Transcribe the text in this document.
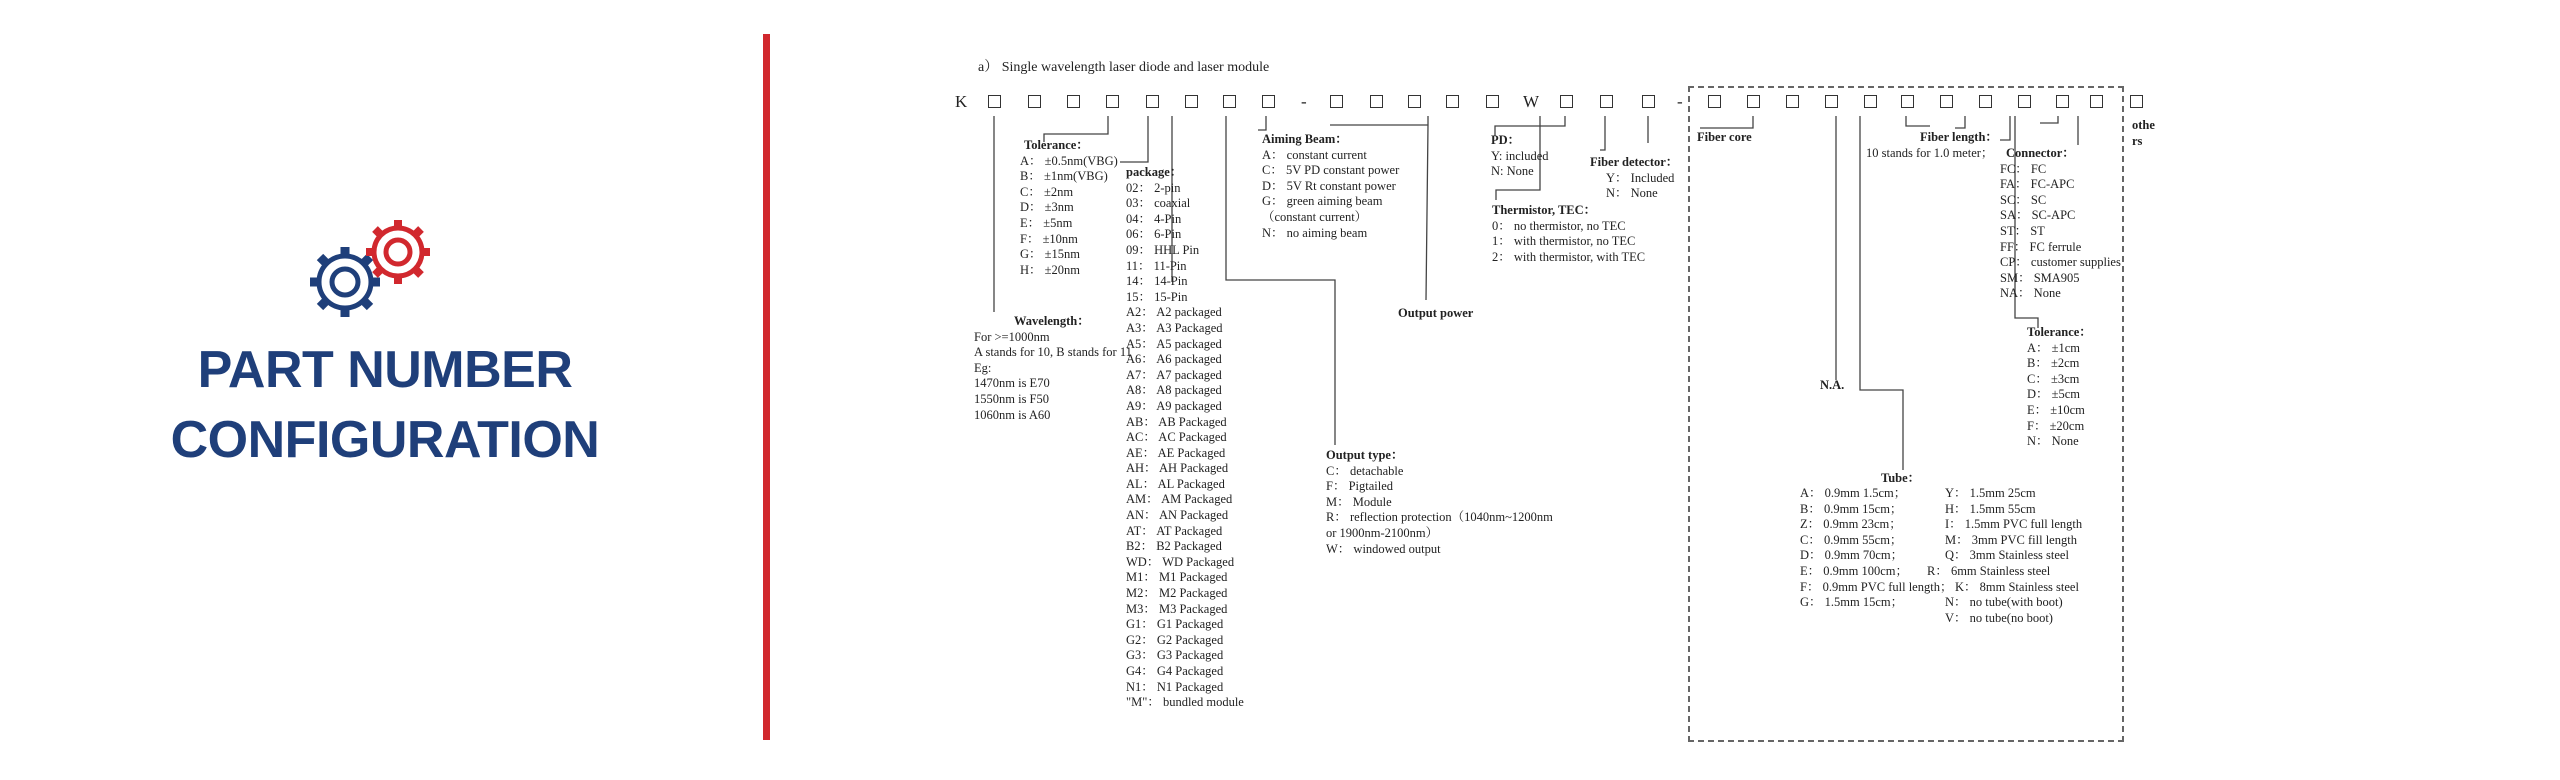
PART NUMBER
CONFIGURATION
a） Single wavelength laser diode and laser module
K	-	W	-
Wavelength：
For >=1000nm
A stands for 10, B stands for 11
Eg:
1470nm is E70
1550nm is F50
1060nm is A60
Tolerance：
A： ±0.5nm(VBG)
B： ±1nm(VBG)
C： ±2nm
D： ±3nm
E： ±5nm
F： ±10nm
G： ±15nm
H： ±20nm
package：
02： 2-pin
03： coaxial
04： 4-Pin
06： 6-Pin
09： HHL Pin
11： 11-Pin
14： 14-Pin
15： 15-Pin
A2： A2 packaged
A3： A3 Packaged
A5： A5 packaged
A6： A6 packaged
A7： A7 packaged
A8： A8 packaged
A9： A9 packaged
AB： AB Packaged
AC： AC Packaged
AE： AE Packaged
AH： AH Packaged
AL： AL Packaged
AM： AM Packaged
AN： AN Packaged
AT： AT Packaged
B2： B2 Packaged
WD： WD Packaged
M1： M1 Packaged
M2： M2 Packaged
M3： M3 Packaged
G1： G1 Packaged
G2： G2 Packaged
G3： G3 Packaged
G4： G4 Packaged
N1： N1 Packaged
"M"： bundled module
Aiming Beam：
A： constant current
C： 5V PD constant power
D： 5V Rt constant power
G： green aiming beam
（constant current）
N： no aiming beam
Output power
Output type：
C： detachable
F： Pigtailed
M： Module
R： reflection protection（1040nm~1200nm
or 1900nm-2100nm）
W： windowed output
PD：
Y: included
N: None
Fiber detector：
Y： Included
N： None
Thermistor, TEC：
0： no thermistor, no TEC
1： with thermistor, no TEC
2： with thermistor, with TEC
Fiber core	Fiber length：
10 stands for 1.0 meter；
N.A.
Connector：
FC： FC
FA： FC-APC
SC： SC
SA： SC-APC
ST： ST
FF： FC ferrule
CP： customer supplies
SM： SMA905
NA： None
othe
rs
Tolerance：
A： ±1cm
B： ±2cm
C： ±3cm
D： ±5cm
E： ±10cm
F： ±20cm
N： None
Tube：
A： 0.9mm 1.5cm；
B： 0.9mm 15cm；
Z： 0.9mm 23cm；
C： 0.9mm 55cm；
D： 0.9mm 70cm；
E： 0.9mm 100cm；
F： 0.9mm PVC full length；
G： 1.5mm 15cm；
Y： 1.5mm 25cm
H： 1.5mm 55cm
I： 1.5mm PVC full length
M： 3mm PVC fill length
Q： 3mm Stainless steel
R： 6mm Stainless steel
K： 8mm Stainless steel
N： no tube(with boot)
V： no tube(no boot)
